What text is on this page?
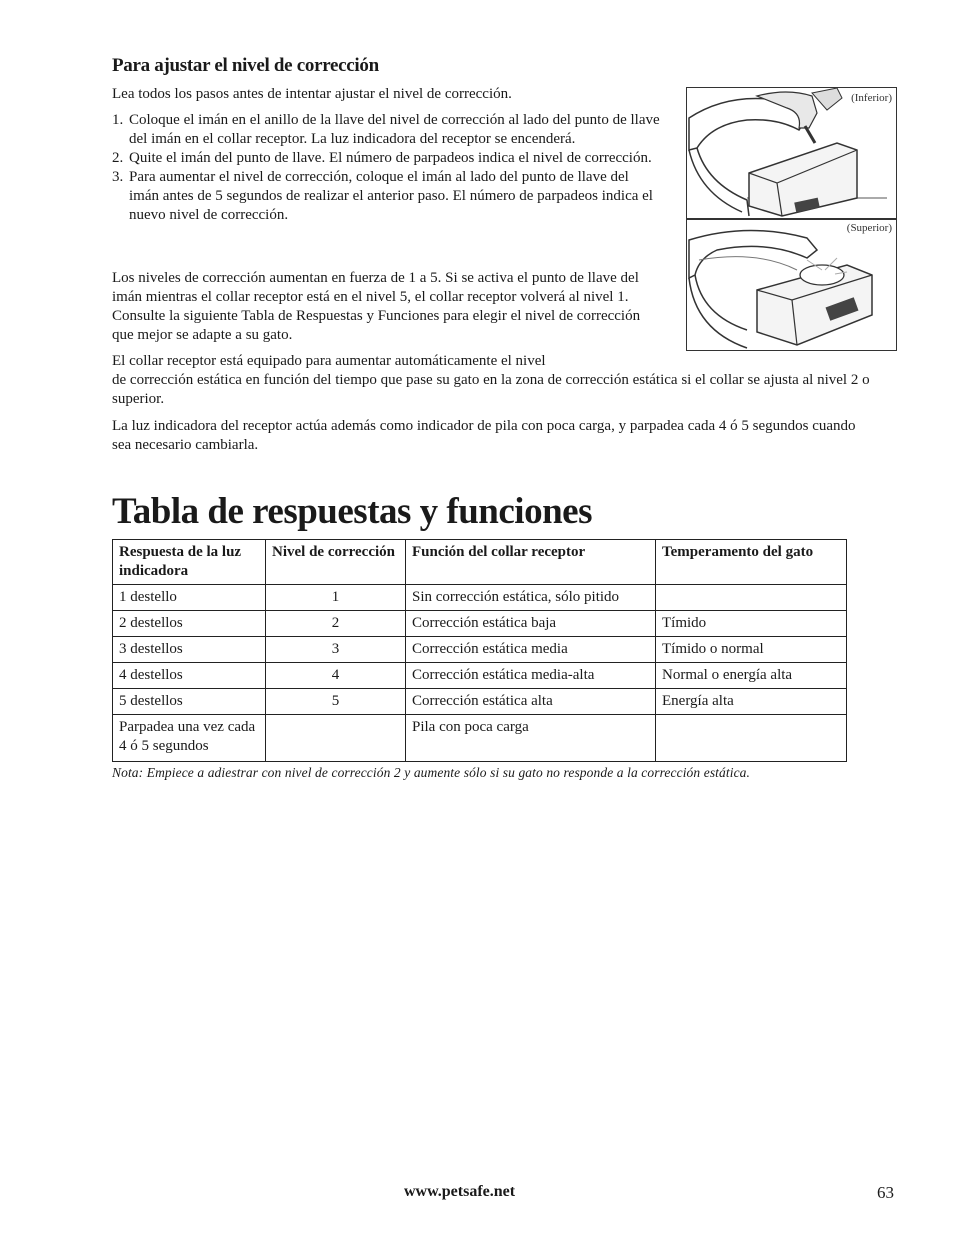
Para ajustar el nivel de corrección

Lea todos los pasos antes de intentar ajustar el nivel de corrección.

1. Coloque el imán en el anillo de la llave del nivel de corrección al lado del punto de llave del imán en el collar receptor. La luz indicadora del receptor se encenderá.
2. Quite el imán del punto de llave. El número de parpadeos indica el nivel de corrección.
3. Para aumentar el nivel de corrección, coloque el imán al lado del punto de llave del imán antes de 5 segundos de realizar el anterior paso. El número de parpadeos indica el nuevo nivel de corrección.

Los niveles de corrección aumentan en fuerza de 1 a 5. Si se activa el punto de llave del imán mientras el collar receptor está en el nivel 5, el collar receptor volverá al nivel 1. Consulte la siguiente Tabla de Respuestas y Funciones para elegir el nivel de corrección que mejor se adapte a su gato.

El collar receptor está equipado para aumentar automáticamente el nivel

de corrección estática en función del tiempo que pase su gato en la zona de corrección estática si el collar se ajusta al nivel 2 o superior.

La luz indicadora del receptor actúa además como indicador de pila con poca carga, y parpadea cada 4 ó 5 segundos cuando sea necesario cambiarla.

(Inferior)
(Superior)
Tabla de respuestas y funciones
Respuesta de la luz indicadora	Nivel de corrección	Función del collar receptor	Temperamento del gato
1 destello	1	Sin corrección estática, sólo pitido	
2 destellos	2	Corrección estática baja	Tímido
3 destellos	3	Corrección estática media	Tímido o normal
4 destellos	4	Corrección estática media-alta	Normal o energía alta
5 destellos	5	Corrección estática alta	Energía alta
Parpadea una vez cada 4 ó 5 segundos		Pila con poca carga	

Nota: Empiece a adiestrar con nivel de corrección 2 y aumente sólo si su gato no responde a la corrección estática.

www.petsafe.net	63
